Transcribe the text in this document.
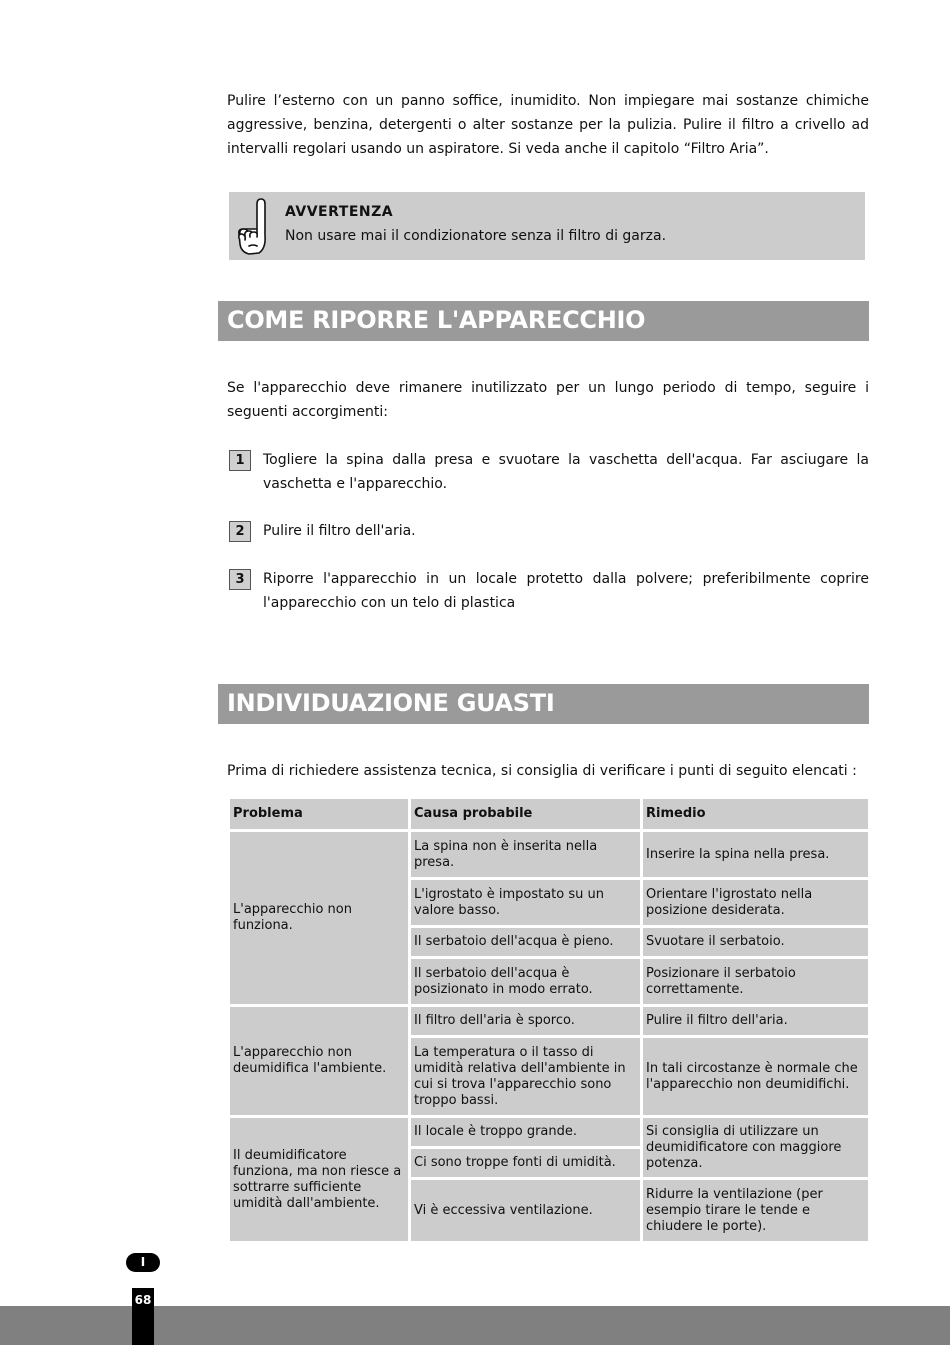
Pulire l’esterno con un panno soffice, inumidito. Non impiegare mai sostanze chimiche aggressive, benzina, detergenti o alter sostanze per la pulizia. Pulire il filtro a crivello ad intervalli regolari usando un aspiratore. Si veda anche il capitolo “Filtro Aria”.

AVVERTENZA
Non usare mai il condizionatore senza il filtro di garza.
COME RIPORRE L'APPARECCHIO

Se l'apparecchio deve rimanere inutilizzato per un lungo periodo di tempo, seguire i seguenti accorgimenti:

1	Togliere la spina dalla presa e svuotare la vaschetta dell'acqua. Far asciugare la vaschetta e l'apparecchio.

2	Pulire il filtro dell'aria.

3	Riporre l'apparecchio in un locale protetto dalla polvere; preferibilmente coprire l'apparecchio con un telo di plastica

INDIVIDUAZIONE GUASTI

Prima di richiedere assistenza tecnica, si consiglia di verificare i punti di seguito elencati :

Problema	Causa probabile	Rimedio
L'apparecchio non funziona.	La spina non è inserita nella presa.	Inserire la spina nella presa.
	L'igrostato è impostato su un valore basso.	Orientare l'igrostato nella posizione desiderata.
	Il serbatoio dell'acqua è pieno.	Svuotare il serbatoio.
	Il serbatoio dell'acqua è posizionato in modo errato.	Posizionare il serbatoio correttamente.
L'apparecchio non deumidifica l'ambiente.	Il filtro dell'aria è sporco.	Pulire il filtro dell'aria.
	La temperatura o il tasso di umidità relativa dell'ambiente in cui si trova l'apparecchio sono troppo bassi.	In tali circostanze è normale che l'apparecchio non deumidifichi.
Il deumidificatore funziona, ma non riesce a sottrarre sufficiente umidità dall'ambiente.	Il locale è troppo grande.	Si consiglia di utilizzare un deumidificatore con maggiore potenza.
	Ci sono troppe fonti di umidità.	
	Vi è eccessiva ventilazione.	Ridurre la ventilazione (per esempio tirare le tende e chiudere le porte).
I
68
